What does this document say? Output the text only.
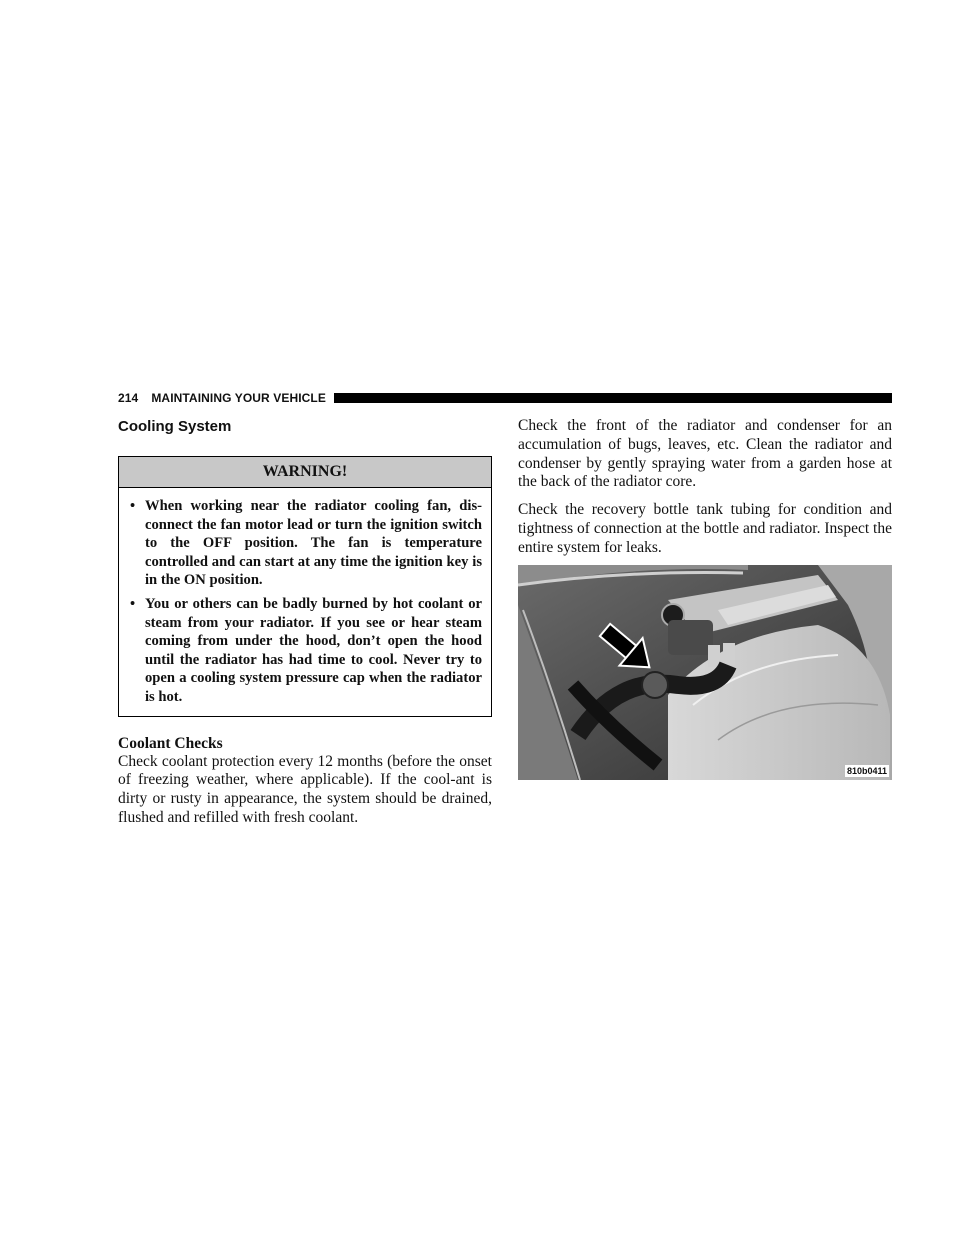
214 MAINTAINING YOUR VEHICLE
Cooling System
WARNING!
• When working near the radiator cooling fan, dis-connect the fan motor lead or turn the ignition switch to the OFF position. The fan is temperature controlled and can start at any time the ignition key is in the ON position.
• You or others can be badly burned by hot coolant or steam from your radiator. If you see or hear steam coming from under the hood, don’t open the hood until the radiator has had time to cool. Never try to open a cooling system pressure cap when the radiator is hot.
Coolant Checks

Check coolant protection every 12 months (before the onset of freezing weather, where applicable). If the cool-ant is dirty or rusty in appearance, the system should be drained, flushed and refilled with fresh coolant.

Check the front of the radiator and condenser for an accumulation of bugs, leaves, etc. Clean the radiator and condenser by gently spraying water from a garden hose at the back of the radiator core.

Check the recovery bottle tank tubing for condition and tightness of connection at the bottle and radiator. Inspect the entire system for leaks.

810b0411
